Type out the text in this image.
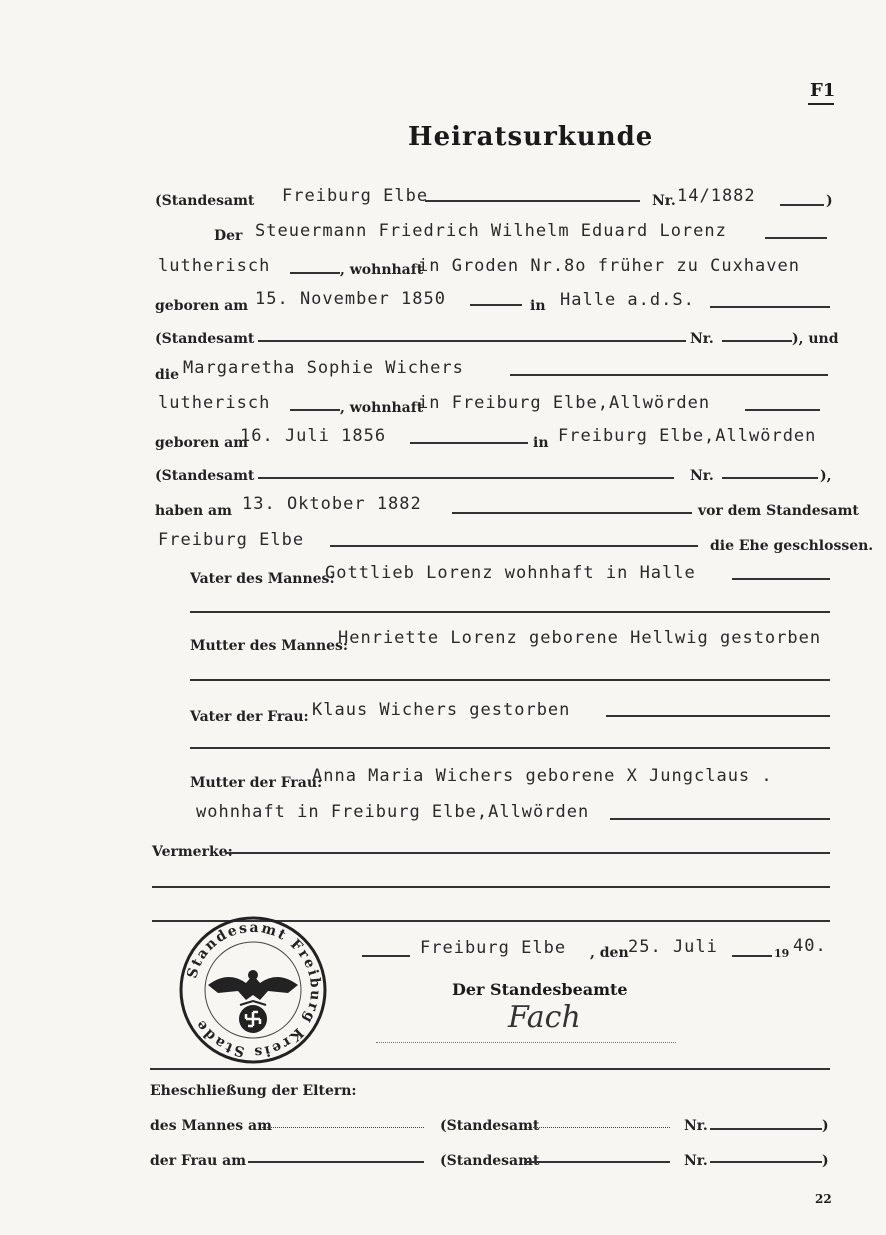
F1
Heiratsurkunde
(Standesamt Freiburg Elbe	Nr. 14/1882	)
Der Steuermann Friedrich Wilhelm Eduard Lorenz
lutherisch	, wohnhaft
in Groden Nr.8o früher zu Cuxhaven
geboren am 15. November 1850	in Halle a.d.S.
(Standesamt	Nr.	), und
die Margaretha Sophie Wichers
lutherisch	, wohnhaft
in Freiburg Elbe,Allwörden
geboren am
16. Juli 1856	in Freiburg Elbe,Allwörden
(Standesamt	Nr.	),
haben am 13. Oktober 1882	vor dem Standesamt
Freiburg Elbe	die Ehe geschlossen.
Vater des Mannes:
Gottlieb Lorenz wohnhaft in Halle
Mutter des Mannes:
Henriette Lorenz geborene Hellwig gestorben
Vater der Frau: Klaus Wichers gestorben
Mutter der Frau:
Anna Maria Wichers geborene X Jungclaus .
wohnhaft in Freiburg Elbe,Allwörden
Vermerke:
Standesamt Freiburg Kreis Stade
Freiburg Elbe , den 25. Juli	19 40.
Der Standesbeamte
Fach
Eheschließung der Eltern:
des Mannes am	(Standesamt	Nr.	)
der Frau am	(Standesamt	Nr.	)
22
